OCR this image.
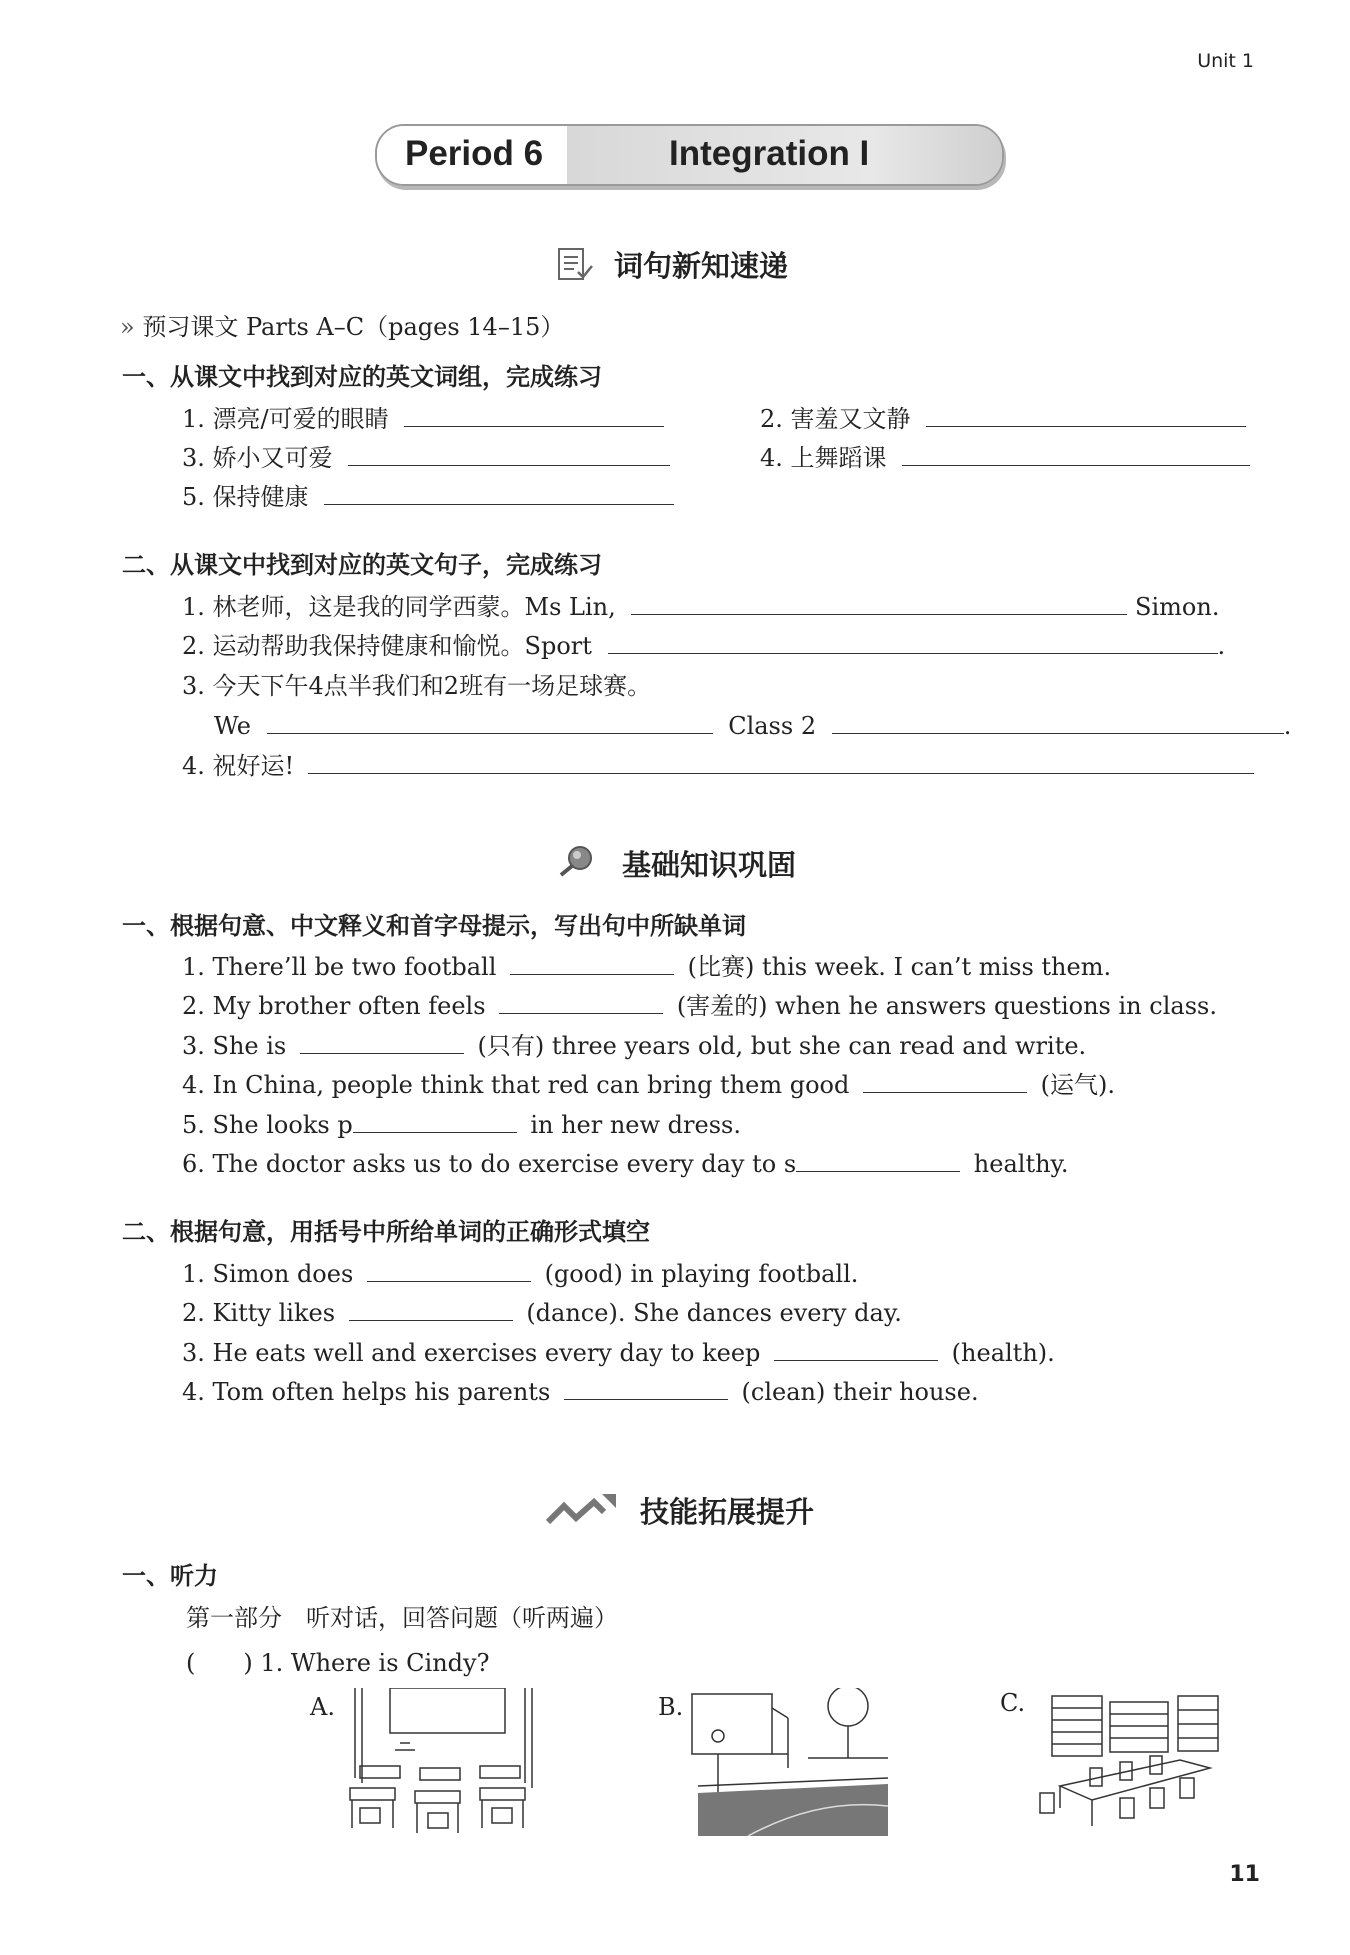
Unit 1
Period 6	Integration I
词句新知速递
» 预习课文 Parts A–C（pages 14–15）
一、从课文中找到对应的英文词组，完成练习
1. 漂亮/可爱的眼睛	2. 害羞又文静
3. 娇小又可爱	4. 上舞蹈课
5. 保持健康
二、从课文中找到对应的英文句子，完成练习
1. 林老师，这是我的同学西蒙。Ms Lin,	Simon.
2. 运动帮助我保持健康和愉悦。Sport	.
3. 今天下午4点半我们和2班有一场足球赛。
We	Class 2	.
4. 祝好运!
基础知识巩固
一、根据句意、中文释义和首字母提示，写出句中所缺单词
1. There’ll be two football	(比赛) this week. I can’t miss them.
2. My brother often feels	(害羞的) when he answers questions in class.
3. She is	(只有) three years old, but she can read and write.
4. In China, people think that red can bring them good	(运气).
5. She looks p	in her new dress.
6. The doctor asks us to do exercise every day to s	healthy.
二、根据句意，用括号中所给单词的正确形式填空
1. Simon does	(good) in playing football.
2. Kitty likes	(dance). She dances every day.
3. He eats well and exercises every day to keep	(health).
4. Tom often helps his parents	(clean) their house.
技能拓展提升
一、听力
第一部分　听对话，回答问题（听两遍）
(　　) 1. Where is Cindy?
A.	B.	C.
11
